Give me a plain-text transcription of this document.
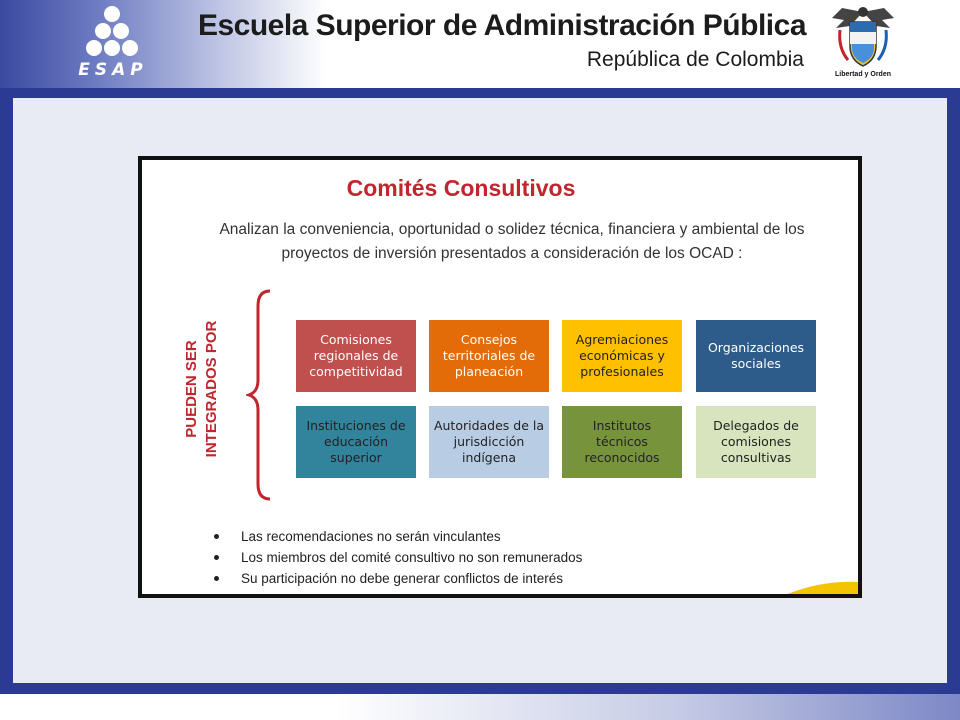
ESAP
Escuela Superior de Administración Pública
República de Colombia
Libertad y Orden
Comités Consultivos
Analizan la conveniencia, oportunidad o solidez técnica, financiera y ambiental de los
proyectos de inversión presentados a consideración de los OCAD :
PUEDEN SER INTEGRADOS POR	Comisiones regionales de competitividad
Consejos territoriales de planeación
Agremiaciones económicas y profesionales
Organizaciones sociales
Instituciones de educación superior
Autoridades de la jurisdicción indígena
Institutos técnicos reconocidos
Delegados de comisiones consultivas
Las recomendaciones no serán vinculantes
Los miembros del comité consultivo no son remunerados
Su participación no debe generar conflictos de interés
